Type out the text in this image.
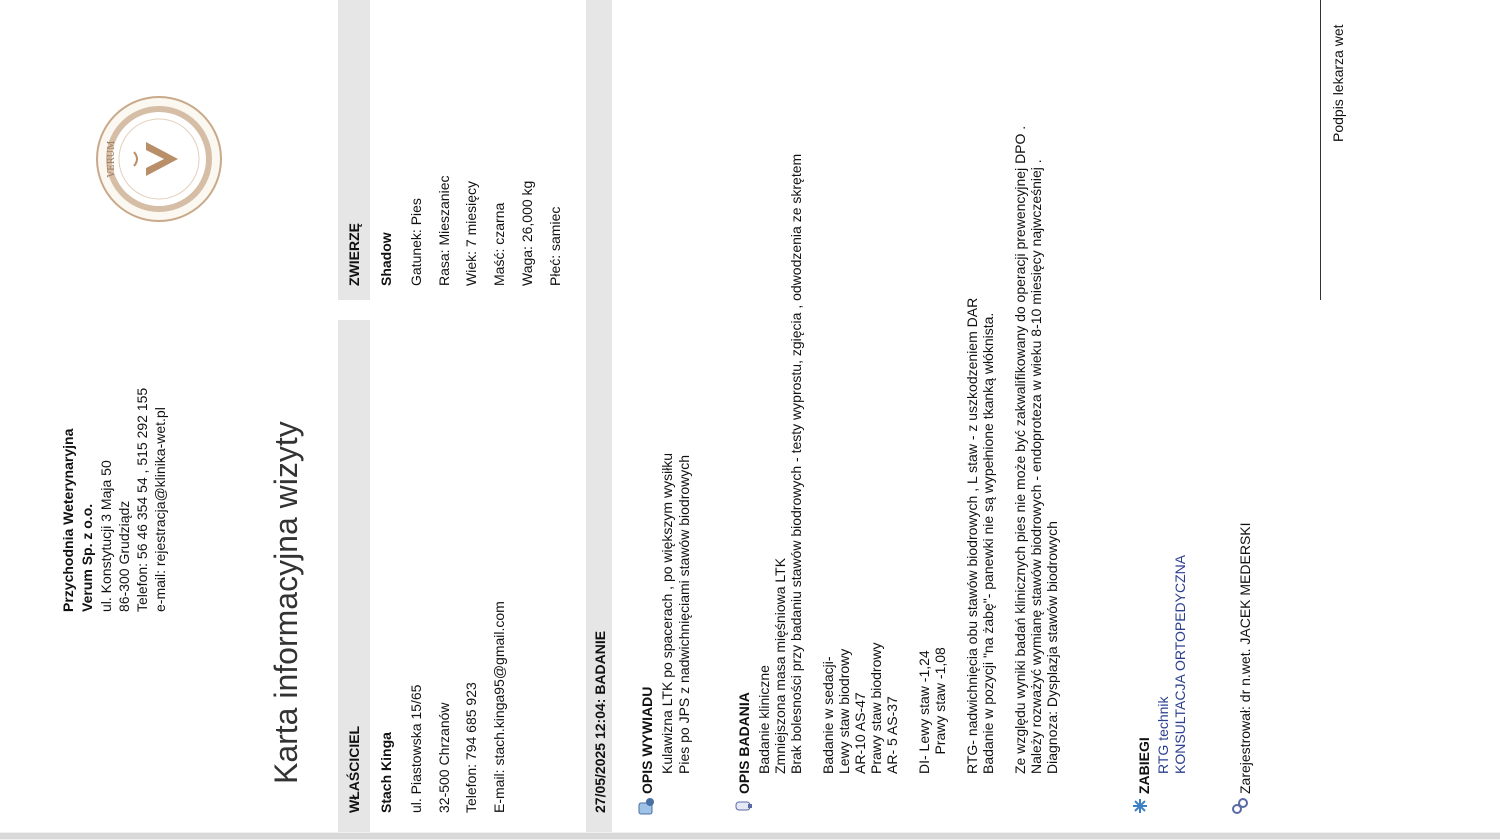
VERUM
Przychodnia Weterynaryjna Verum Sp. z o.o. ul. Konstytucji 3 Maja 50 86-300 Grudziądz Telefon: 56 46 354 54 , 515 292 155 e-mail: rejestracja@klinika-wet.pl	Karta informacyjna wizyty	WŁAŚCICIEL Stach Kinga ul. Piastowska 15/65 32-500 Chrzanów Telefon: 794 685 923 E-mail: stach.kinga95@gmail.com
ZWIERZĘ Shadow Gatunek: Pies Rasa: Mieszaniec Wiek: 7 miesięcy Maść: czarna Waga: 26,000 kg Płeć: samiec
27/05/2025 12:04: BADANIE OPIS WYWIADU Kulawizna LTK po spacerach , po większym wysiłku Pies po JPS z nadwichnięciami stawów biodrowych	OPIS BADANIA Badanie kliniczne Zmniejszona masa mięśniowa LTK Brak bolesności przy badaniu stawów biodrowych - testy wyprostu, zgięcia , odwodzenia ze skrętem Badanie w sedacji- Lewy staw biodrowy AR-10 AS-47 Prawy staw biodrowy AR- 5 AS-37 DI- Lewy staw -1,24 Prawy staw -1,08 RTG- nadwichnięcia obu stawów biodrowych , L staw - z uszkodzeniem DAR Badanie w pozycji "na żabę"- panewki nie są wypełnione tkanką włóknista. Ze względu wyniki badań klinicznych pies nie może być zakwalifikowany do operacji prewencyjnej DPO . Należy rozważyć wymianę stawów biodrowych - endoproteza w wieku 8-10 miesięcy najwcześniej . Diagnoza: Dysplazja stawów biodrowych	ZABIEGI RTG technik KONSULTACJA ORTOPEDYCZNA	Zarejestrował: dr n.wet. JACEK MEDERSKI
Podpis lekarza wet
